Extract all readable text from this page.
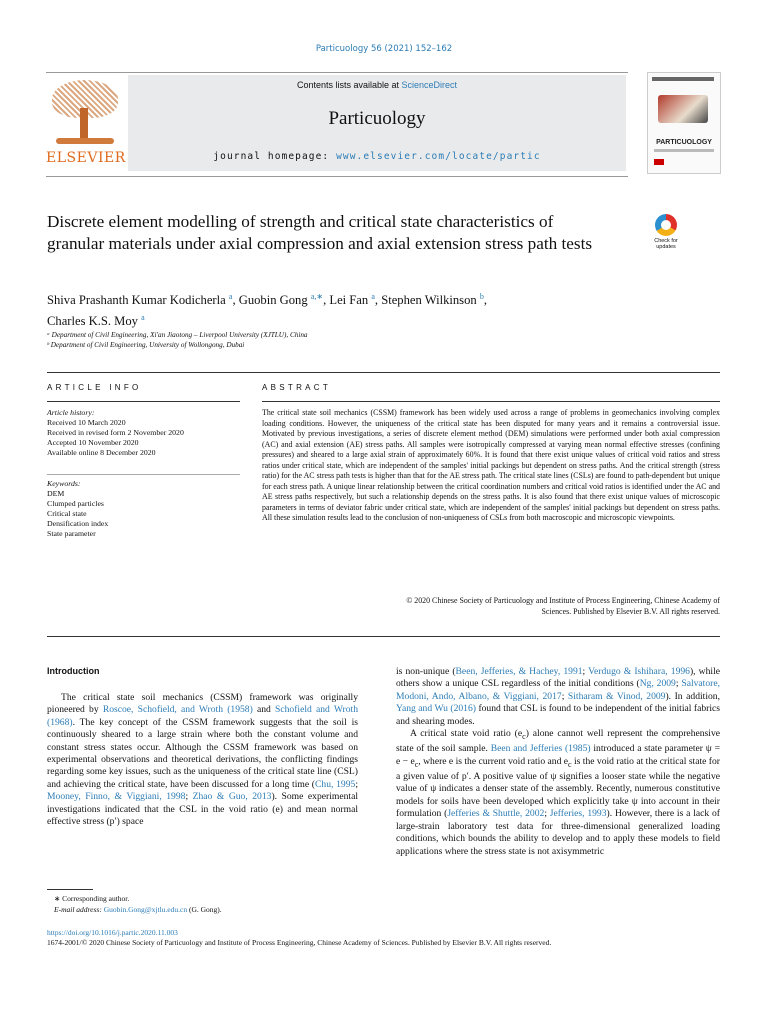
Particuology 56 (2021) 152–162
ELSEVIER
Contents lists available at ScienceDirect
Particuology
journal homepage: www.elsevier.com/locate/partic
PARTICUOLOGY
Discrete element modelling of strength and critical state characteristics of granular materials under axial compression and axial extension stress path tests	Check for
updates
Shiva Prashanth Kumar Kodicherla $^a$, Guobin Gong $^{a,∗}$, Lei Fan $^a$, Stephen Wilkinson $^b$,
Charles K.S. Moy $^a$
ᵃ Department of Civil Engineering, Xi'an Jiaotong – Liverpool University (XJTLU), China
ᵇ Department of Civil Engineering, University of Wollongong, Dubai
ARTICLE INFO	ABSTRACT
Article history:
Received 10 March 2020
Received in revised form 2 November 2020
Accepted 10 November 2020
Available online 8 December 2020
Keywords:
DEM
Clumped particles
Critical state
Densification index
State parameter
The critical state soil mechanics (CSSM) framework has been widely used across a range of problems in geomechanics involving complex loading conditions. However, the uniqueness of the critical state has been disputed for many years and it remains a controversial issue. Motivated by previous investigations, a series of discrete element method (DEM) simulations were performed under both axial compression (AC) and axial extension (AE) stress paths. All samples were isotropically compressed at varying mean normal effective stresses (confining pressures) and sheared to a large axial strain of approximately 60%. It is found that there exist unique values of critical void ratios and stress ratios under critical state, which are independent of the samples' initial packings but dependent on stress paths. And the critical strength (stress ratio) for the AC stress path tests is higher than that for the AE stress path. The critical state lines (CSLs) are found to path-dependent but unique for each stress path. A unique linear relationship between the critical coordination numbers and critical void ratios is identified under the AC and AE stress paths respectively, but such a relationship depends on the stress paths. It is also found that there exist unique values of microscopic parameters in terms of deviator fabric under critical state, which are independent of the samples' initial packings but dependent on stress paths. All these simulation results lead to the conclusion of non-uniqueness of CSLs from both macroscopic and microscopic viewpoints.
© 2020 Chinese Society of Particuology and Institute of Process Engineering, Chinese Academy of
Sciences. Published by Elsevier B.V. All rights reserved.
Introduction

The critical state soil mechanics (CSSM) framework was originally pioneered by Roscoe, Schofield, and Wroth (1958) and Schofield and Wroth (1968). The key concept of the CSSM framework suggests that the soil is continuously sheared to a large strain where both the constant volume and constant stress states occur. Although the CSSM framework was based on experimental observations and theoretical derivations, the conflicting findings regarding some key issues, such as the uniqueness of the critical state line (CSL) and achieving the critical state, have been discussed for a long time (Chu, 1995; Mooney, Finno, & Viggiani, 1998; Zhao & Guo, 2013). Some experimental investigations indicated that the CSL in the void ratio (e) and mean normal effective stress (p′) space

is non-unique (Been, Jefferies, & Hachey, 1991; Verdugo & Ishihara, 1996), while others show a unique CSL regardless of the initial conditions (Ng, 2009; Salvatore, Modoni, Ando, Albano, & Viggiani, 2017; Sitharam & Vinod, 2009). In addition, Yang and Wu (2016) found that CSL is found to be independent of the initial fabrics and shearing modes.

A critical state void ratio $(e_c)$ alone cannot well represent the comprehensive state of the soil sample. Been and Jefferies (1985) introduced a state parameter $\psi = e - e_c$, where e is the current void ratio and $e_c$ is the void ratio at the critical state for a given value of p′. A positive value of ψ signifies a looser state while the negative value of ψ indicates a denser state of the assembly. Recently, numerous constitutive models for soils have been developed which explicitly take ψ into account in their formulation (Jefferies & Shuttle, 2002; Jefferies, 1993). However, there is a lack of large-strain laboratory test data for three-dimensional generalized loading conditions, which bounds the ability to develop and to apply these models to field applications where the stress state is not axisymmetric

∗ Corresponding author.
E-mail address: Guobin.Gong@xjtlu.edu.cn (G. Gong).
https://doi.org/10.1016/j.partic.2020.11.003
1674-2001/© 2020 Chinese Society of Particuology and Institute of Process Engineering, Chinese Academy of Sciences. Published by Elsevier B.V. All rights reserved.
